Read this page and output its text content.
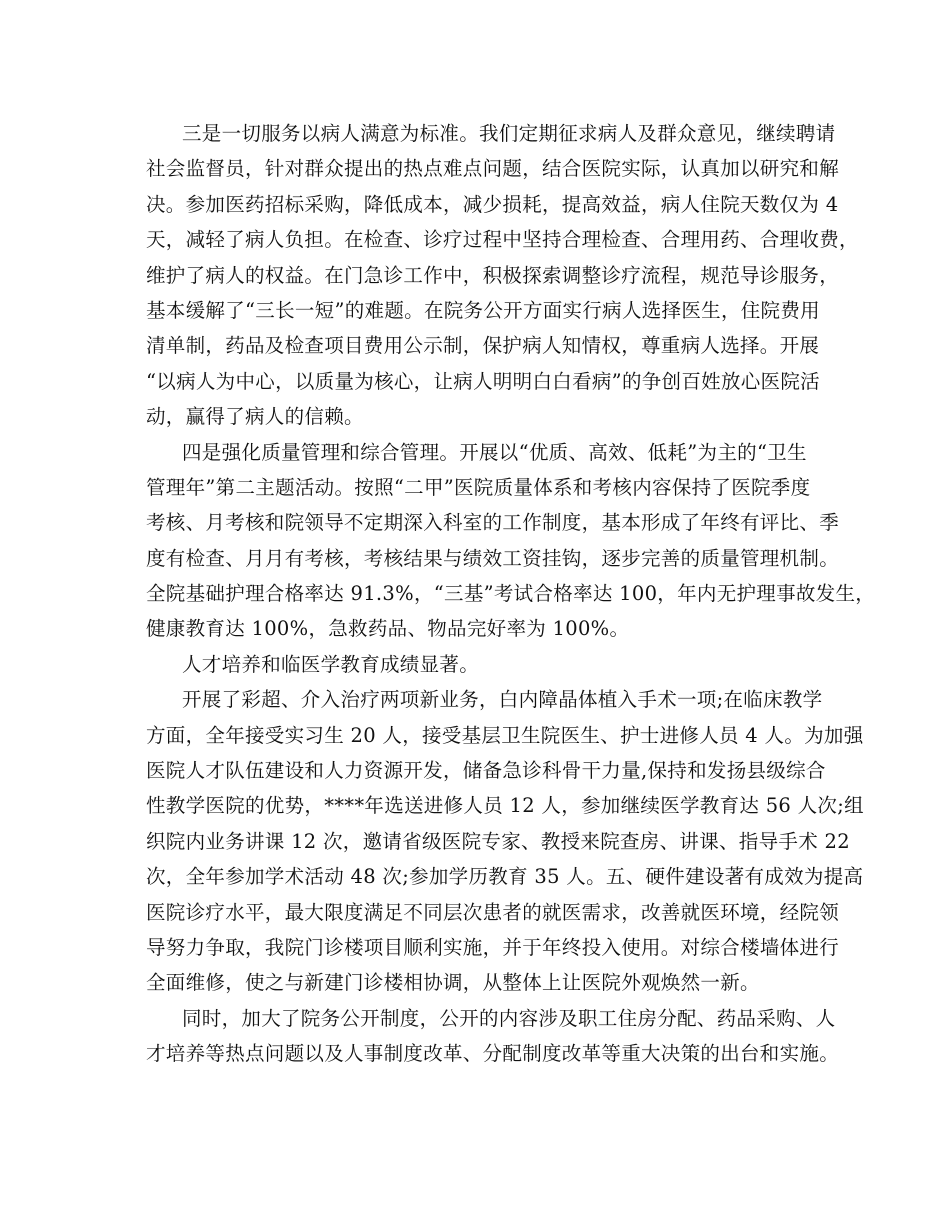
三是一切服务以病人满意为标准。我们定期征求病人及群众意见，继续聘请
社会监督员，针对群众提出的热点难点问题，结合医院实际，认真加以研究和解
决。参加医药招标采购，降低成本，减少损耗，提高效益，病人住院天数仅为 4
天，减轻了病人负担。在检查、诊疗过程中坚持合理检查、合理用药、合理收费，
维护了病人的权益。在门急诊工作中，积极探索调整诊疗流程，规范导诊服务，
基本缓解了“三长一短”的难题。在院务公开方面实行病人选择医生，住院费用
清单制，药品及检查项目费用公示制，保护病人知情权，尊重病人选择。开展
“以病人为中心，以质量为核心，让病人明明白白看病”的争创百姓放心医院活
动，赢得了病人的信赖。
四是强化质量管理和综合管理。开展以“优质、高效、低耗”为主的“卫生
管理年”第二主题活动。按照“二甲”医院质量体系和考核内容保持了医院季度
考核、月考核和院领导不定期深入科室的工作制度，基本形成了年终有评比、季
度有检查、月月有考核，考核结果与绩效工资挂钩，逐步完善的质量管理机制。
全院基础护理合格率达 91.3%，“三基”考试合格率达 100，年内无护理事故发生，
健康教育达 100%，急救药品、物品完好率为 100%。
人才培养和临医学教育成绩显著。
开展了彩超、介入治疗两项新业务，白内障晶体植入手术一项;在临床教学
方面，全年接受实习生 20 人，接受基层卫生院医生、护士进修人员 4 人。为加强
医院人才队伍建设和人力资源开发，储备急诊科骨干力量,保持和发扬县级综合
性教学医院的优势，****年选送进修人员 12 人，参加继续医学教育达 56 人次;组
织院内业务讲课 12 次，邀请省级医院专家、教授来院查房、讲课、指导手术 22
次，全年参加学术活动 48 次;参加学历教育 35 人。五、硬件建设著有成效为提高
医院诊疗水平，最大限度满足不同层次患者的就医需求，改善就医环境，经院领
导努力争取，我院门诊楼项目顺利实施，并于年终投入使用。对综合楼墙体进行
全面维修，使之与新建门诊楼相协调，从整体上让医院外观焕然一新。
同时，加大了院务公开制度，公开的内容涉及职工住房分配、药品采购、人
才培养等热点问题以及人事制度改革、分配制度改革等重大决策的出台和实施。
